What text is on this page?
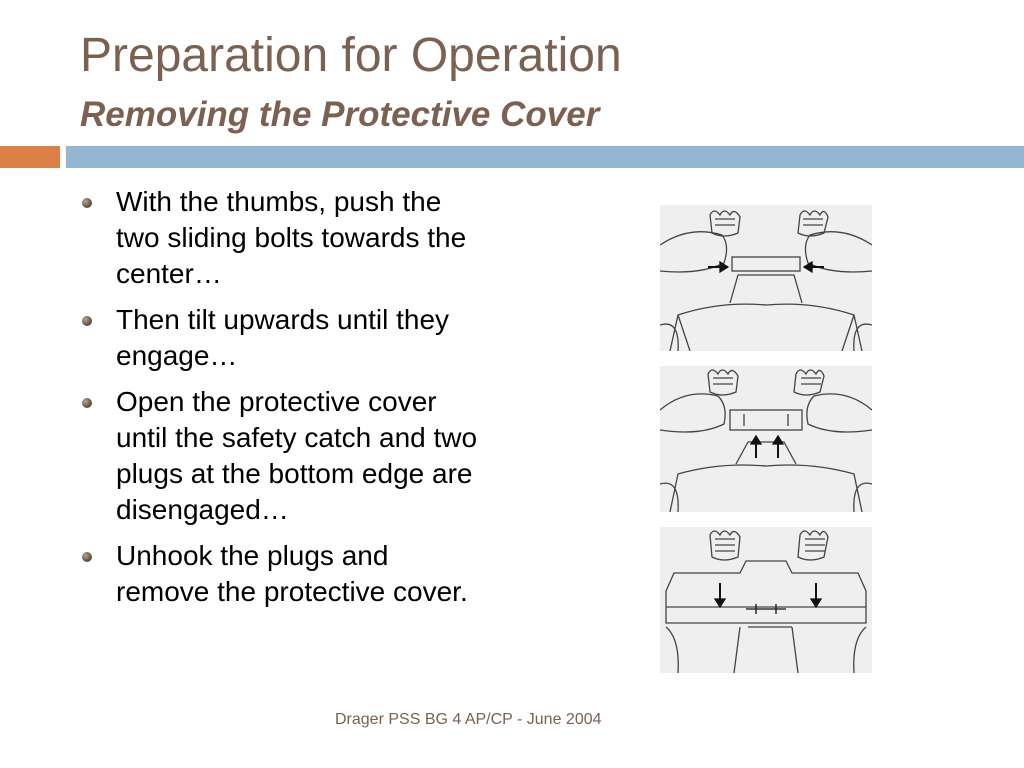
Preparation for Operation
Removing the Protective Cover
With the thumbs, push the two sliding bolts towards the center…
Then tilt upwards until they engage…
Open the protective cover until the safety catch and two plugs at the bottom edge are disengaged…
Unhook the plugs and remove the protective cover.
Drager PSS BG 4 AP/CP - June 2004
